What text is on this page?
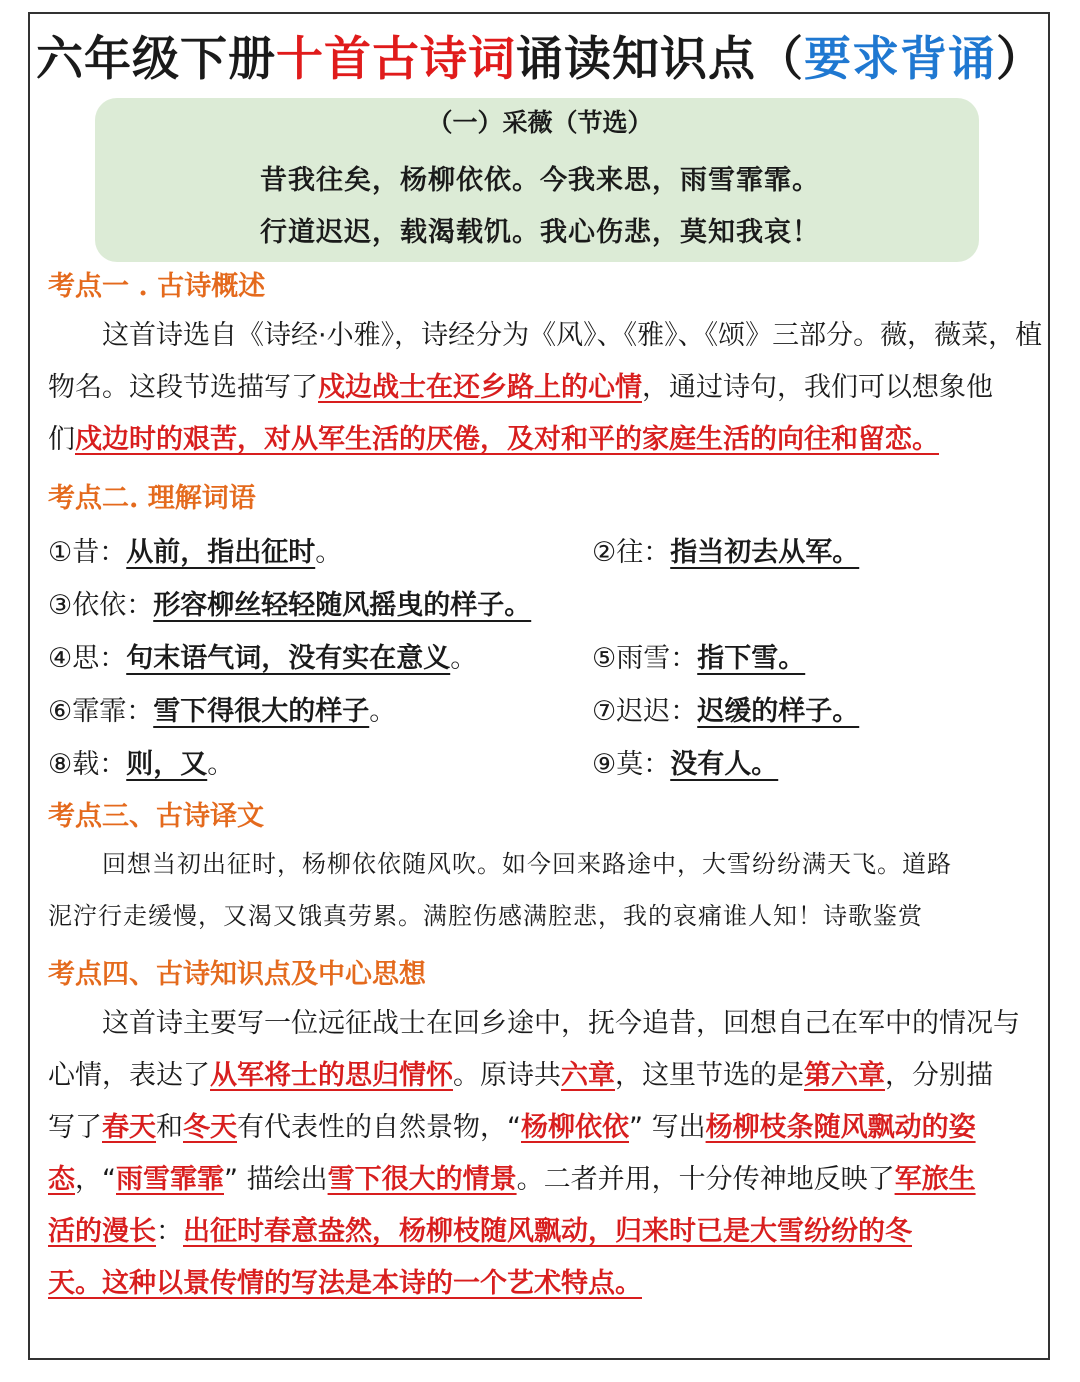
六年级下册十首古诗词诵读知识点（要求背诵）
（一）采薇（节选）
昔我往矣，杨柳依依。今我来思，雨雪霏霏。
行道迟迟，载渴载饥。我心伤悲，莫知我哀！
考点一 . 古诗概述
这首诗选自《诗经·小雅》，诗经分为《风》、《雅》、《颂》三部分。薇，薇菜，植
物名。这段节选描写了戍边战士在还乡路上的心情，通过诗句，我们可以想象他
们戍边时的艰苦，对从军生活的厌倦，及对和平的家庭生活的向往和留恋。
考点二. 理解词语
①昔：从前，指出征时。	②往：指当初去从军。
③依依：形容柳丝轻轻随风摇曳的样子。
④思：句末语气词，没有实在意义。	⑤雨雪：指下雪。
⑥霏霏：雪下得很大的样子。	⑦迟迟：迟缓的样子。
⑧载：则，又。	⑨莫：没有人。
考点三、古诗译文
回想当初出征时，杨柳依依随风吹。如今回来路途中，大雪纷纷满天飞。道路
泥泞行走缓慢，又渴又饿真劳累。满腔伤感满腔悲，我的哀痛谁人知！诗歌鉴赏
考点四、古诗知识点及中心思想
这首诗主要写一位远征战士在回乡途中，抚今追昔，回想自己在军中的情况与
心情，表达了从军将士的思归情怀。原诗共六章，这里节选的是第六章，分别描
写了春天和冬天有代表性的自然景物，“杨柳依依” 写出杨柳枝条随风飘动的姿
态，“雨雪霏霏” 描绘出雪下很大的情景。二者并用，十分传神地反映了军旅生
活的漫长：出征时春意盎然，杨柳枝随风飘动，归来时已是大雪纷纷的冬
天。这种以景传情的写法是本诗的一个艺术特点。
